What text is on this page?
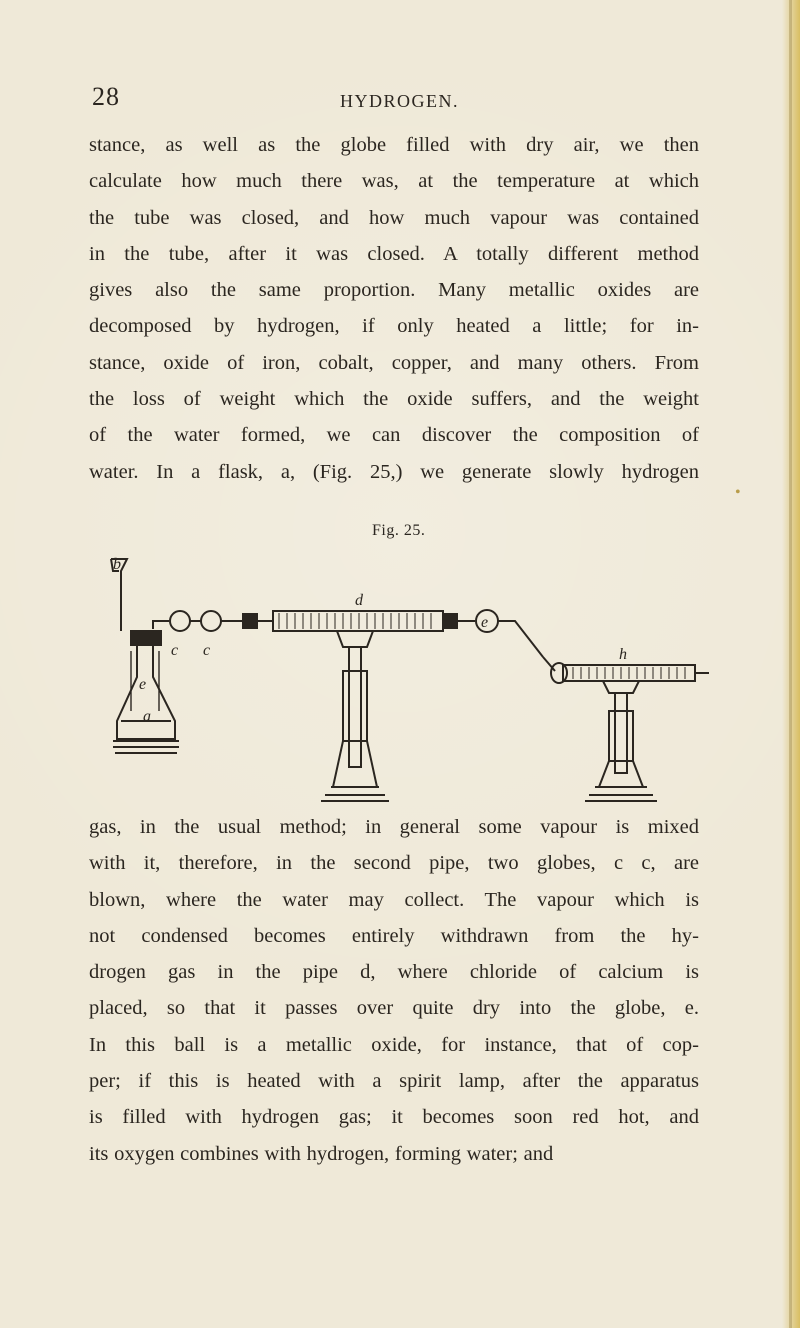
28	HYDROGEN.
stance, as well as the globe filled with dry air, we then
calculate how much there was, at the temperature at which
the tube was closed, and how much vapour was contained
in the tube, after it was closed. A totally different method
gives also the same proportion. Many metallic oxides are
decomposed by hydrogen, if only heated a little; for in-
stance, oxide of iron, cobalt, copper, and many others. From
the loss of weight which the oxide suffers, and the weight
of the water formed, we can discover the composition of
water. In a flask, a, (Fig. 25,) we generate slowly hydrogen
•
Fig. 25.
b
c c
d
e
a
e
h
gas, in the usual method; in general some vapour is mixed
with it, therefore, in the second pipe, two globes, c c, are
blown, where the water may collect. The vapour which is
not condensed becomes entirely withdrawn from the hy-
drogen gas in the pipe d, where chloride of calcium is
placed, so that it passes over quite dry into the globe, e.
In this ball is a metallic oxide, for instance, that of cop-
per; if this is heated with a spirit lamp, after the apparatus
is filled with hydrogen gas; it becomes soon red hot, and
its oxygen combines with hydrogen, forming water; and
